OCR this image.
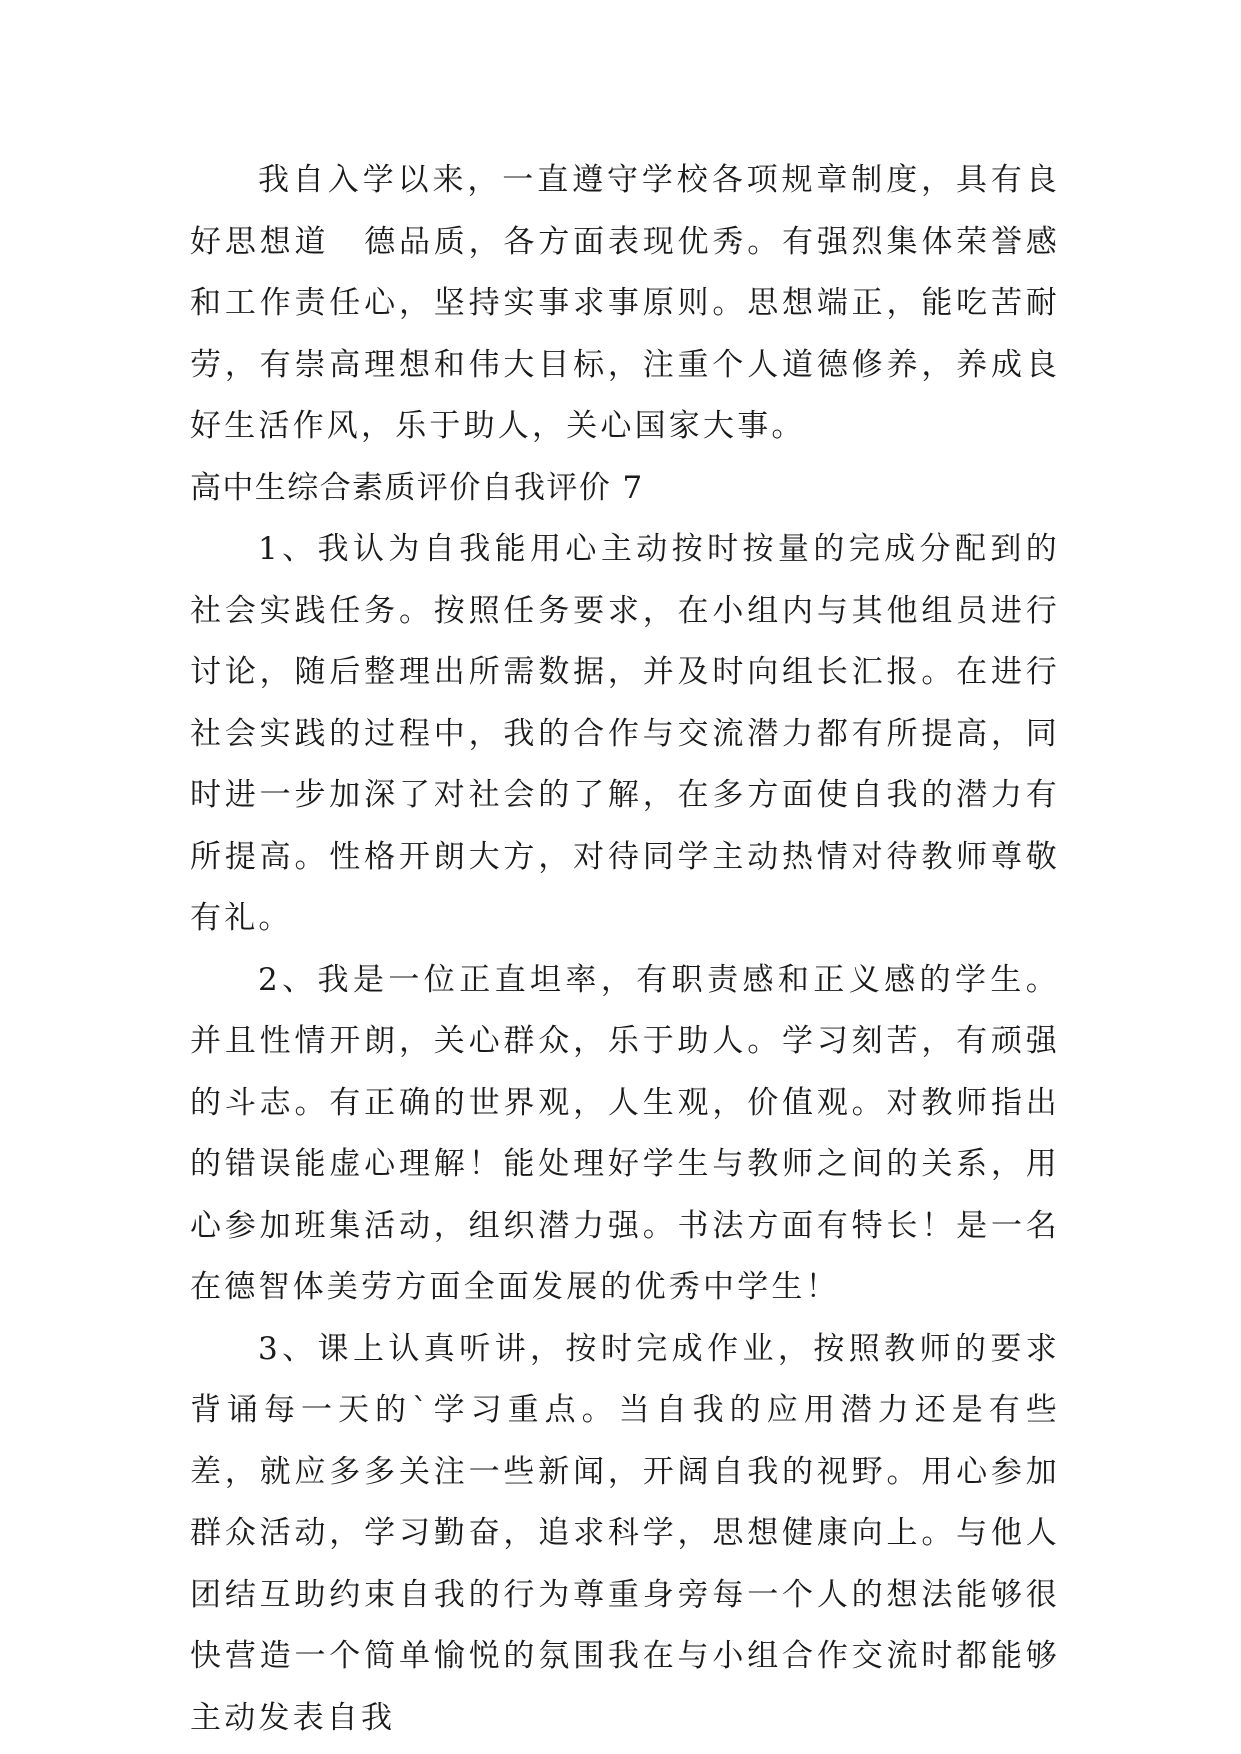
我自入学以来，一直遵守学校各项规章制度，具有良好思想道　德品质，各方面表现优秀。有强烈集体荣誉感和工作责任心，坚持实事求事原则。思想端正，能吃苦耐劳，有崇高理想和伟大目标，注重个人道德修养，养成良好生活作风，乐于助人，关心国家大事。

高中生综合素质评价自我评价 7

1、我认为自我能用心主动按时按量的完成分配到的社会实践任务。按照任务要求，在小组内与其他组员进行讨论，随后整理出所需数据，并及时向组长汇报。在进行社会实践的过程中，我的合作与交流潜力都有所提高，同时进一步加深了对社会的了解，在多方面使自我的潜力有所提高。性格开朗大方，对待同学主动热情对待教师尊敬有礼。

2、我是一位正直坦率，有职责感和正义感的学生。并且性情开朗，关心群众，乐于助人。学习刻苦，有顽强的斗志。有正确的世界观，人生观，价值观。对教师指出的错误能虚心理解！能处理好学生与教师之间的关系，用心参加班集活动，组织潜力强。书法方面有特长！是一名在德智体美劳方面全面发展的优秀中学生！

3、课上认真听讲，按时完成作业，按照教师的要求背诵每一天的`学习重点。当自我的应用潜力还是有些差，就应多多关注一些新闻，开阔自我的视野。用心参加群众活动，学习勤奋，追求科学，思想健康向上。与他人团结互助约束自我的行为尊重身旁每一个人的想法能够很快营造一个简单愉悦的氛围我在与小组合作交流时都能够主动发表自我
